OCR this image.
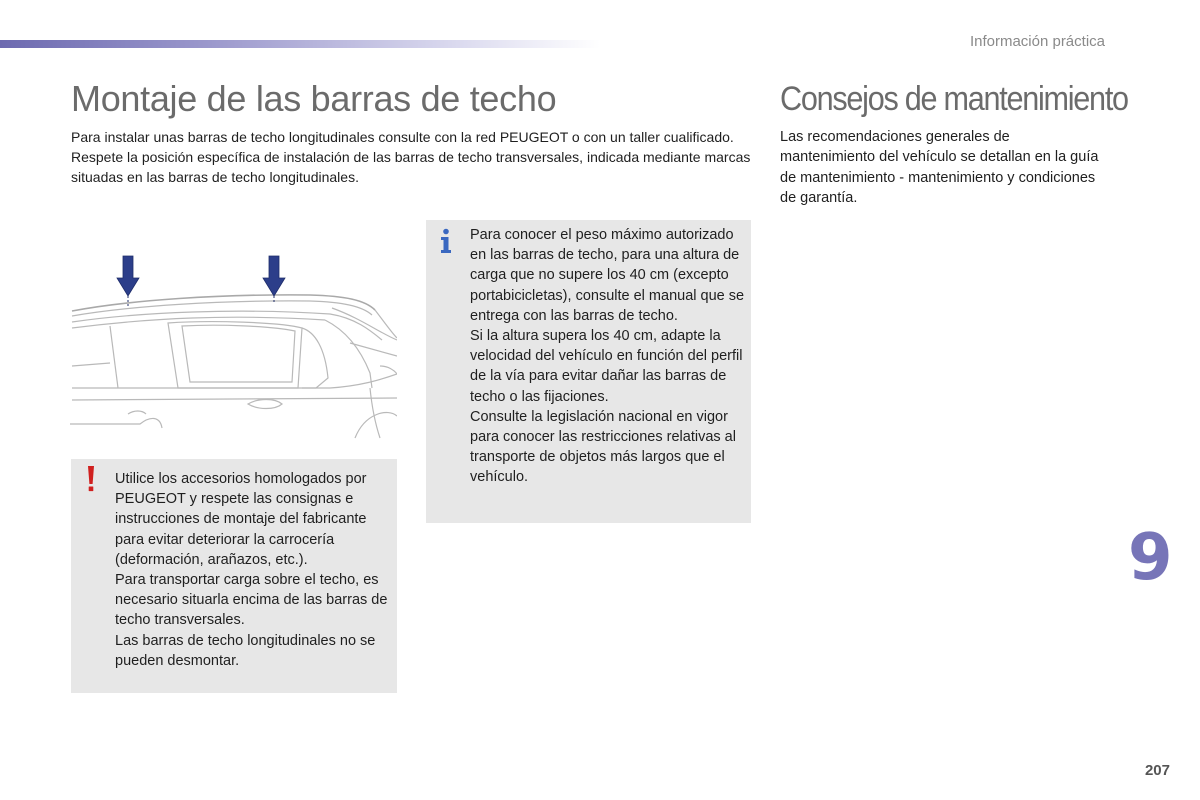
Información práctica
Montaje de las barras de techo

Para instalar unas barras de techo longitudinales consulte con la red PEUGEOT o con un taller cualificado. Respete la posición específica de instalación de las barras de techo transversales, indicada mediante marcas situadas en las barras de techo longitudinales.

Utilice los accesorios homologados por PEUGEOT y respete las consignas e instrucciones de montaje del fabricante para evitar deteriorar la carrocería (deformación, arañazos, etc.).
Para transportar carga sobre el techo, es necesario situarla encima de las barras de techo transversales.
Las barras de techo longitudinales no se pueden desmontar.

Para conocer el peso máximo autorizado en las barras de techo, para una altura de carga que no supere los 40 cm (excepto portabicicletas), consulte el manual que se entrega con las barras de techo.
Si la altura supera los 40 cm, adapte la velocidad del vehículo en función del perfil de la vía para evitar dañar las barras de techo o las fijaciones.
Consulte la legislación nacional en vigor para conocer las restricciones relativas al transporte de objetos más largos que el vehículo.

Consejos de mantenimiento

Las recomendaciones generales de mantenimiento del vehículo se detallan en la guía de mantenimiento - mantenimiento y condiciones de garantía.

9
207
